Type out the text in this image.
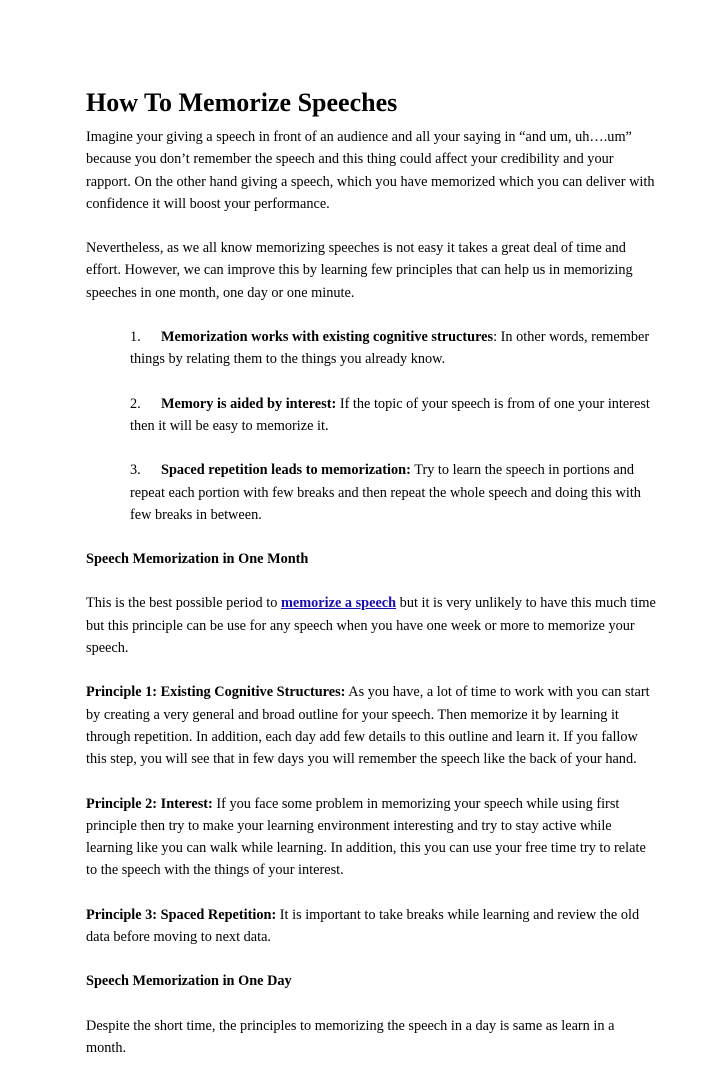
How To Memorize Speeches

Imagine your giving a speech in front of an audience and all your saying in “and um, uh….um” because you don’t remember the speech and this thing could affect your credibility and your rapport. On the other hand giving a speech, which you have memorized which you can deliver with confidence it will boost your performance.

Nevertheless, as we all know memorizing speeches is not easy it takes a great deal of time and effort. However, we can improve this by learning few principles that can help us in memorizing speeches in one month, one day or one minute.

1. Memorization works with existing cognitive structures: In other words, remember things by relating them to the things you already know.
2. Memory is aided by interest: If the topic of your speech is from of one your interest then it will be easy to memorize it.
3. Spaced repetition leads to memorization: Try to learn the speech in portions and repeat each portion with few breaks and then repeat the whole speech and doing this with few breaks in between.

Speech Memorization in One Month

This is the best possible period to memorize a speech but it is very unlikely to have this much time but this principle can be use for any speech when you have one week or more to memorize your speech.

Principle 1: Existing Cognitive Structures: As you have, a lot of time to work with you can start by creating a very general and broad outline for your speech. Then memorize it by learning it through repetition. In addition, each day add few details to this outline and learn it. If you fallow this step, you will see that in few days you will remember the speech like the back of your hand.

Principle 2: Interest: If you face some problem in memorizing your speech while using first principle then try to make your learning environment interesting and try to stay active while learning like you can walk while learning. In addition, this you can use your free time try to relate to the speech with the things of your interest.

Principle 3: Spaced Repetition: It is important to take breaks while learning and review the old data before moving to next data.

Speech Memorization in One Day

Despite the short time, the principles to memorizing the speech in a day is same as learn in a month.
